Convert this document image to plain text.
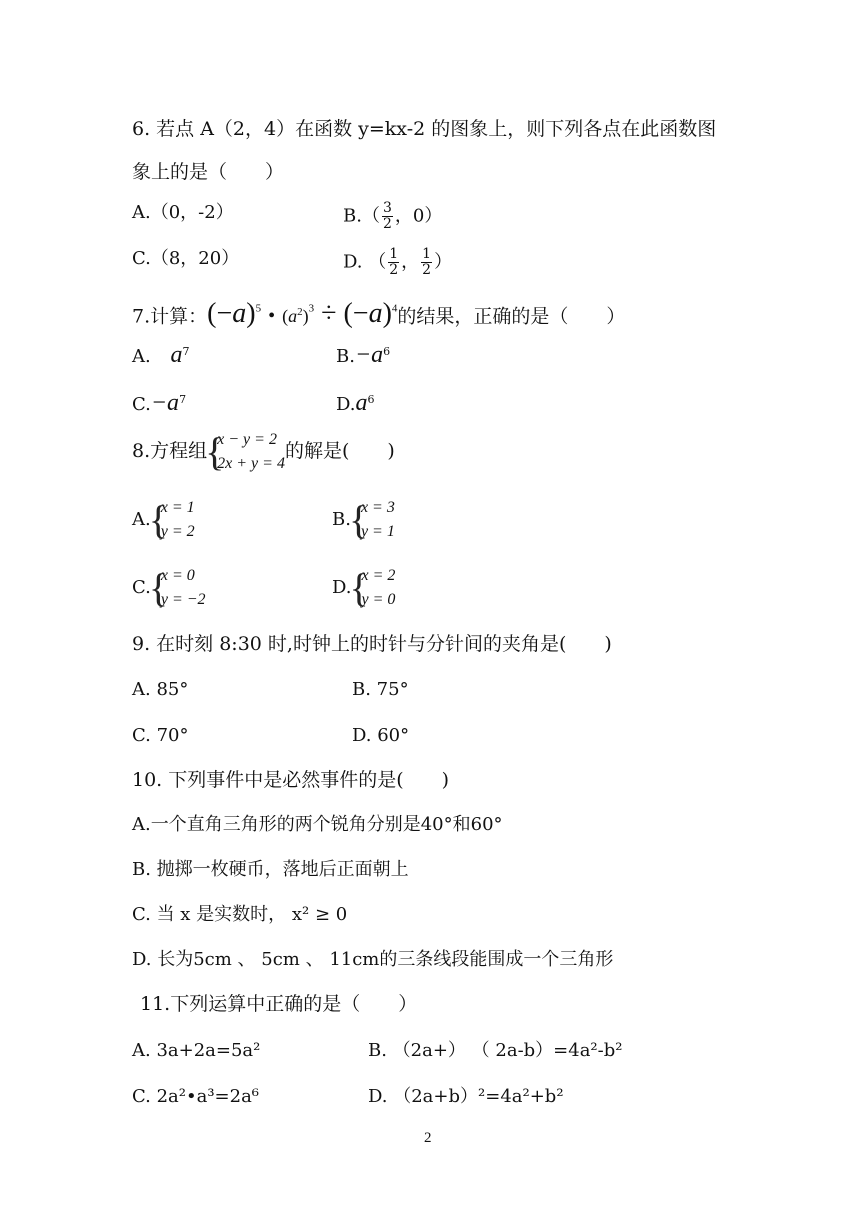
6. 若点 A（2，4）在函数 y=kx-2 的图象上，则下列各点在此函数图
象上的是（　　）
A.（0，-2）	$B.( \frac{3}{2}$ ，0）
C.（8，20）	D. （ $\frac{1}{2}$ ， $\frac{1}{2}$ ）
7.计算：$(-a)^5$ • $(a^2)^3 \div (-a)^4$的结果，正确的是（　　）
A. $a^7$	$B.-a^6$
$C.-a^7$	$D.a^6$
8.方程组
{ x − y = 2
2x + y = 4
的解是(　　)
A.
{ x = 1
y = 2
B.
{ x = 3
y = 1
C.
{ x = 0
y = −2
D.
{ x = 2
y = 0
9. 在时刻 8:30 时,时钟上的时针与分针间的夹角是(　　)
A. 85°	B. 75°
C. 70°	D. 60°
10. 下列事件中是必然事件的是(　　)
A.一个直角三角形的两个锐角分别是40°和60°
B. 抛掷一枚硬币，落地后正面朝上
C. 当 x 是实数时， x² ≥ 0
D. 长为5cm 、 5cm 、 11cm的三条线段能围成一个三角形
11.下列运算中正确的是（　　）
A. 3a+2a=5a²	B. （2a+） （ 2a-b）=4a²-b²
C. 2a²•a³=2a⁶	D. （2a+b）²=4a²+b²
2
